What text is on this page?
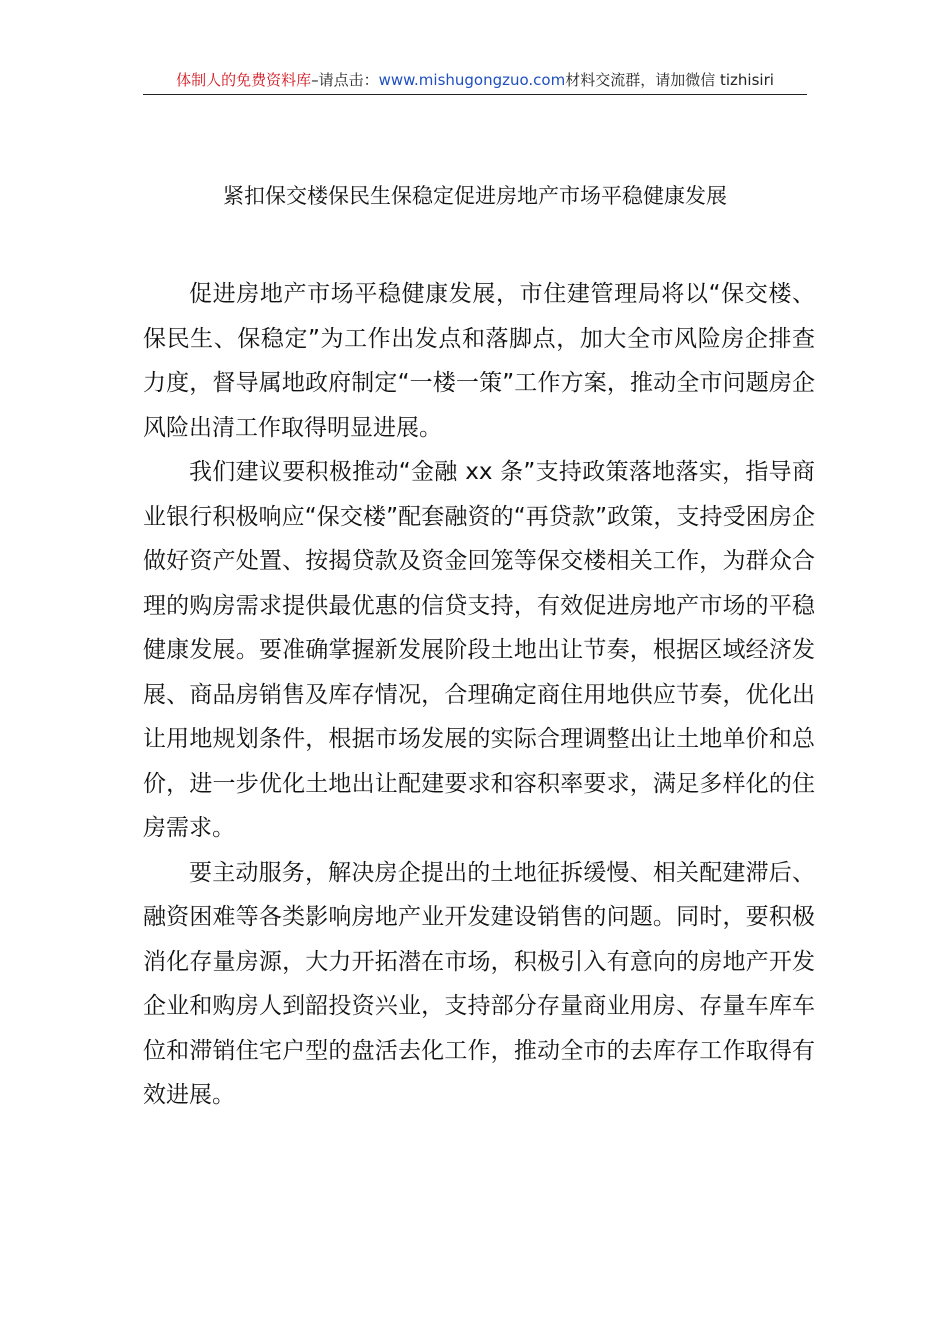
体制人的免费资料库–请点击：www.mishugongzuo.com材料交流群，请加微信 tizhisiri
紧扣保交楼保民生保稳定促进房地产市场平稳健康发展

促进房地产市场平稳健康发展，市住建管理局将以“保交楼、保民生、保稳定”为工作出发点和落脚点，加大全市风险房企排查力度，督导属地政府制定“一楼一策”工作方案，推动全市问题房企风险出清工作取得明显进展。

我们建议要积极推动“金融 xx 条”支持政策落地落实，指导商业银行积极响应“保交楼”配套融资的“再贷款”政策，支持受困房企做好资产处置、按揭贷款及资金回笼等保交楼相关工作，为群众合理的购房需求提供最优惠的信贷支持，有效促进房地产市场的平稳健康发展。要准确掌握新发展阶段土地出让节奏，根据区域经济发展、商品房销售及库存情况，合理确定商住用地供应节奏，优化出让用地规划条件，根据市场发展的实际合理调整出让土地单价和总价，进一步优化土地出让配建要求和容积率要求，满足多样化的住房需求。

要主动服务，解决房企提出的土地征拆缓慢、相关配建滞后、融资困难等各类影响房地产业开发建设销售的问题。同时，要积极消化存量房源，大力开拓潜在市场，积极引入有意向的房地产开发企业和购房人到韶投资兴业，支持部分存量商业用房、存量车库车位和滞销住宅户型的盘活去化工作，推动全市的去库存工作取得有效进展。
